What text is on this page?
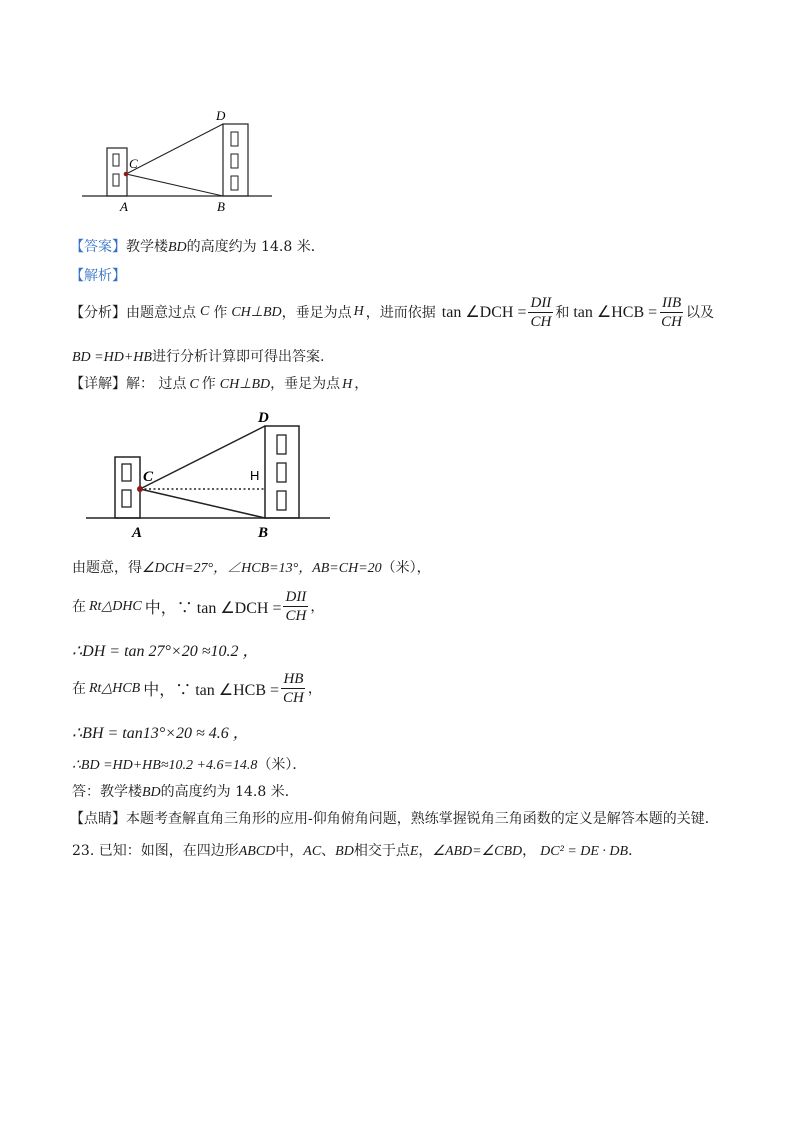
D
C
A	B
【答案】教学楼BD的高度约为 14.8 米．
【解析】
【分析】 由题意过点 C 作 CH⊥BD ，垂足为点 H ，进而依据 tan ∠DCH = $\frac{\text{DII}}{CH}$ 和 tan ∠HCB = $\frac{\text{IIB}}{CH}$ 以及
BD =HD+HB进行分析计算即可得出答案.
【详解】解： 过点 C 作 CH⊥BD，垂足为点 H ，
D
C	H
A	B
由题意，得∠DCH=27°，∠HCB=13°，AB=CH=20（米），
在 Rt△DHC 中，∵ tan ∠DCH = $\frac{\text{DII}}{CH}$ ，
∴DH = tan 27°×20 ≈10.2 ，
在 Rt△HCB 中，∵ tan ∠HCB = $\frac{HB}{CH}$ ，
∴BH = tan13°×20 ≈ 4.6 ，
∴BD =HD+HB≈10.2 +4.6=14.8（米）．
答：教学楼BD的高度约为 14.8 米．
【点睛】本题考查解直角三角形的应用-仰角俯角问题，熟练掌握锐角三角函数的定义是解答本题的关键．
23. 已知：如图，在四边形ABCD中，AC、BD相交于点E，∠ABD=∠CBD， DC² = DE · DB．
